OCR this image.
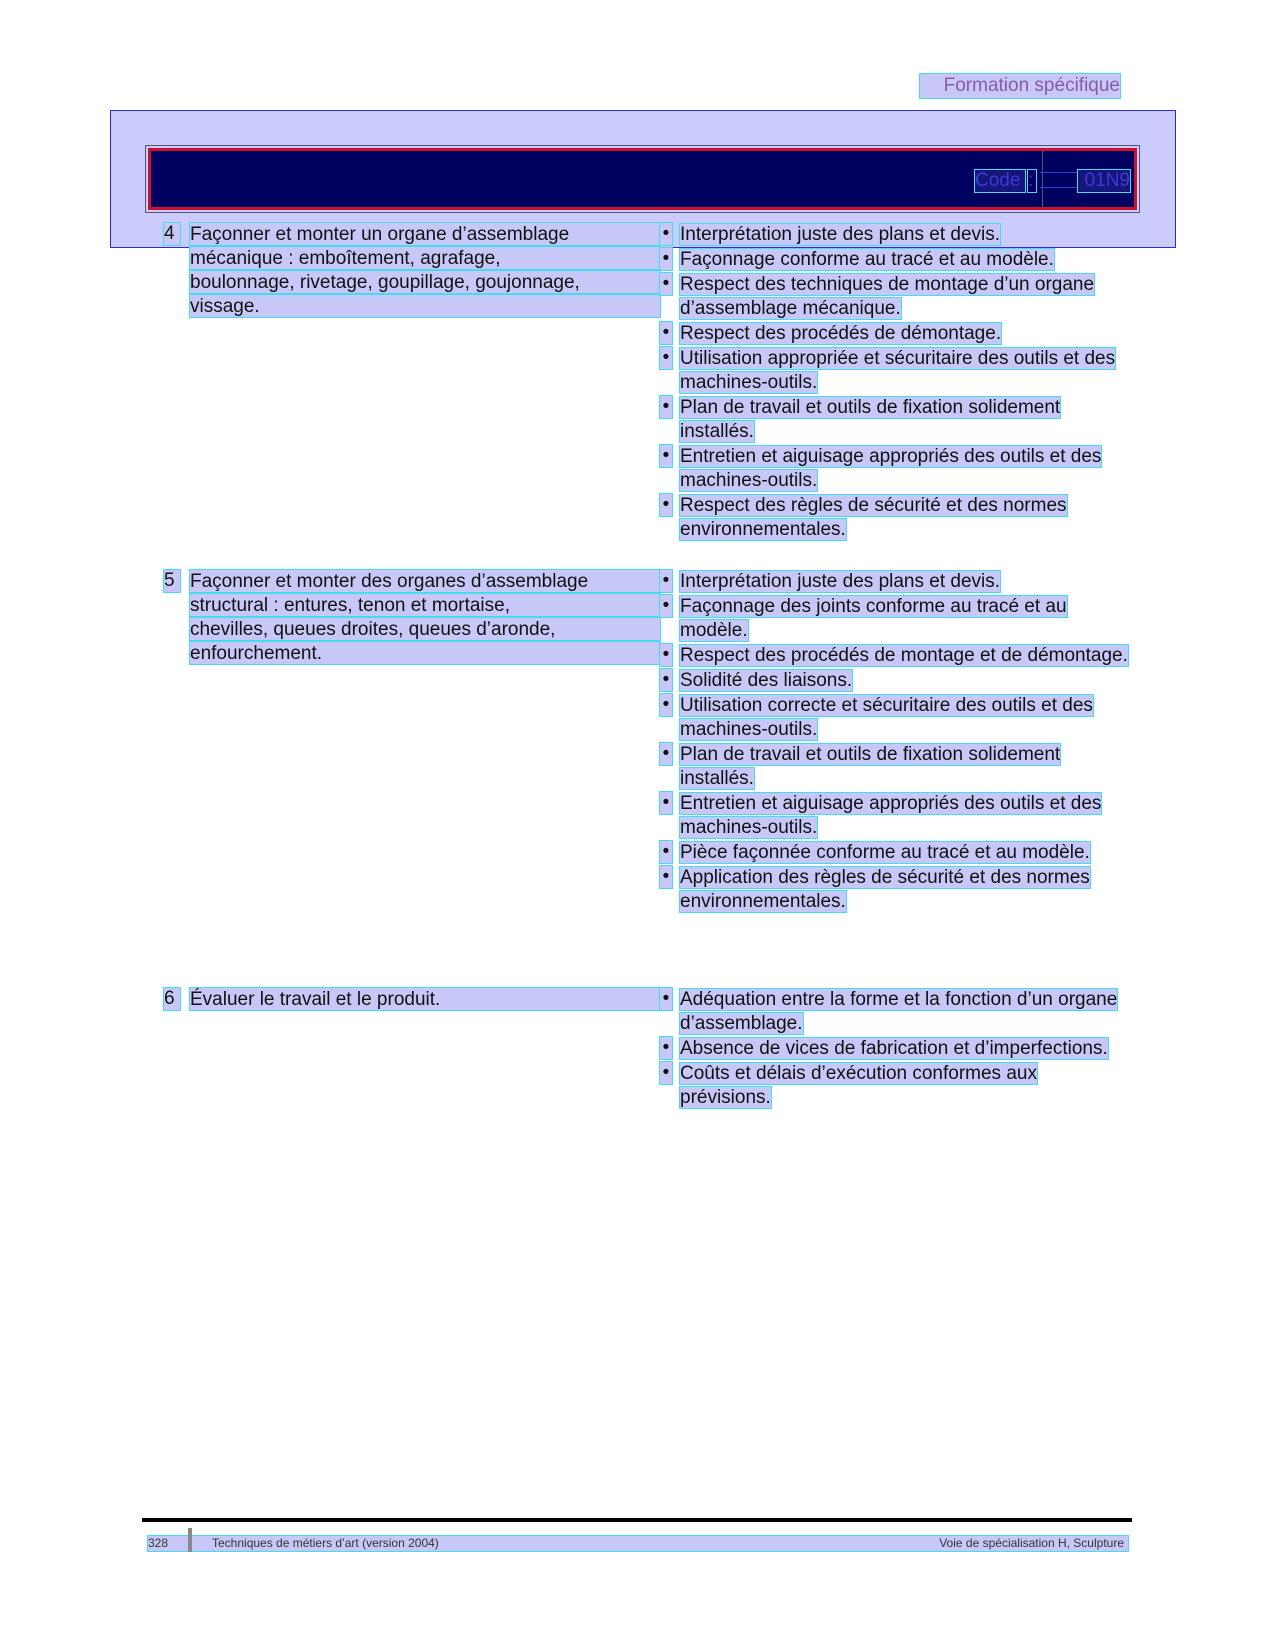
Formation spécifique
Code :	01N9
4 Façonner et monter un organe d’assemblage
mécanique : emboîtement, agrafage,
boulonnage, rivetage, goupillage, goujonnage,
vissage.

• Interprétation juste des plans et devis.
• Façonnage conforme au tracé et au modèle.
• Respect des techniques de montage d’un organe d’assemblage mécanique.
• Respect des procédés de démontage.
• Utilisation appropriée et sécuritaire des outils et des machines-outils.
• Plan de travail et outils de fixation solidement installés.
• Entretien et aiguisage appropriés des outils et des machines-outils.
• Respect des règles de sécurité et des normes environnementales.
5 Façonner et monter des organes d’assemblage
structural : entures, tenon et mortaise,
chevilles, queues droites, queues d’aronde,
enfourchement.

• Interprétation juste des plans et devis.
• Façonnage des joints conforme au tracé et au modèle.
• Respect des procédés de montage et de démontage.
• Solidité des liaisons.
• Utilisation correcte et sécuritaire des outils et des machines-outils.
• Plan de travail et outils de fixation solidement installés.
• Entretien et aiguisage appropriés des outils et des machines-outils.
• Pièce façonnée conforme au tracé et au modèle.
• Application des règles de sécurité et des normes environnementales.
6 Évaluer le travail et le produit.	• Adéquation entre la forme et la fonction d’un organe d’assemblage.
• Absence de vices de fabrication et d’imperfections.
• Coûts et délais d’exécution conformes aux prévisions.
328	Techniques de métiers d’art (version 2004)	Voie de spécialisation H, Sculpture
